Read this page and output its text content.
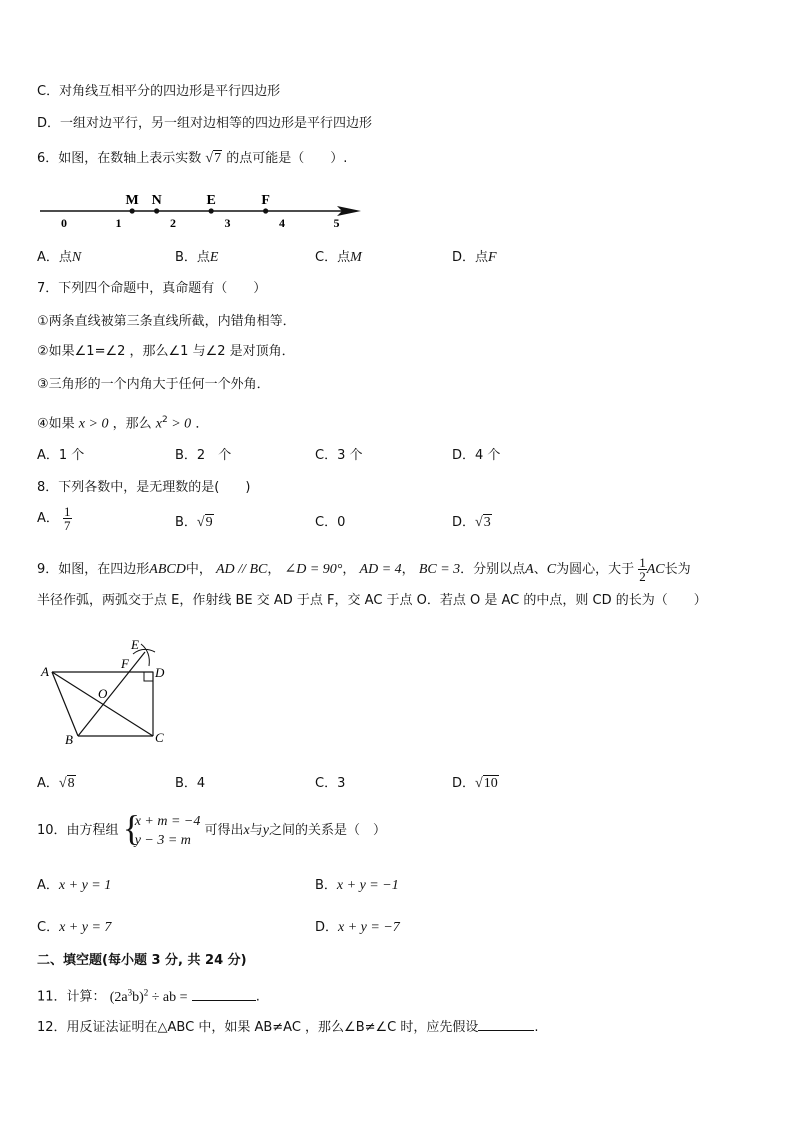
C．对角线互相平分的四边形是平行四边形
D．一组对边平行，另一组对边相等的四边形是平行四边形
6．如图，在数轴上表示实数 √7 的点可能是（　　）.
0	1	2	3	4	5
M N	E	F
A．点N	B．点E	C．点M	D．点F
7．下列四个命题中，真命题有（　　）
①两条直线被第三条直线所截，内错角相等．
②如果∠1=∠2 ，那么∠1 与∠2 是对顶角．
③三角形的一个内角大于任何一个外角．
④如果 x > 0 ，那么 $x^2 > 0$ ．
A．1 个	B．2　个	C．3 个	D．4 个
8．下列各数中，是无理数的是(　　)
A． $\frac{1}{7}$	B．√9	C．0	D．√3
9．如图，在四边形ABCD中， AD // BC， ∠D = 90°， AD = 4， BC = 3．分别以点A、C为圆心，大于 $\frac{1}{2}$ AC长为
半径作弧，两弧交于点 E，作射线 BE 交 AD 于点 F，交 AC 于点 O．若点 O 是 AC 的中点，则 CD 的长为（　　）
A
B	C
D
E
F
O
A．√8	B．4	C．3	D．√10
10．由方程组 {
x + m = −4
y − 3 = m
可得出x与y之间的关系是（　）
A．x + y = 1	B．x + y = −1
C．x + y = 7	D．x + y = −7
二、填空题(每小题 3 分, 共 24 分)
11．计算： $(2a^3b)^2$ ÷ ab =	.
12．用反证法证明在△ABC 中，如果 AB≠AC ，那么∠B≠∠C 时，应先假设	.
